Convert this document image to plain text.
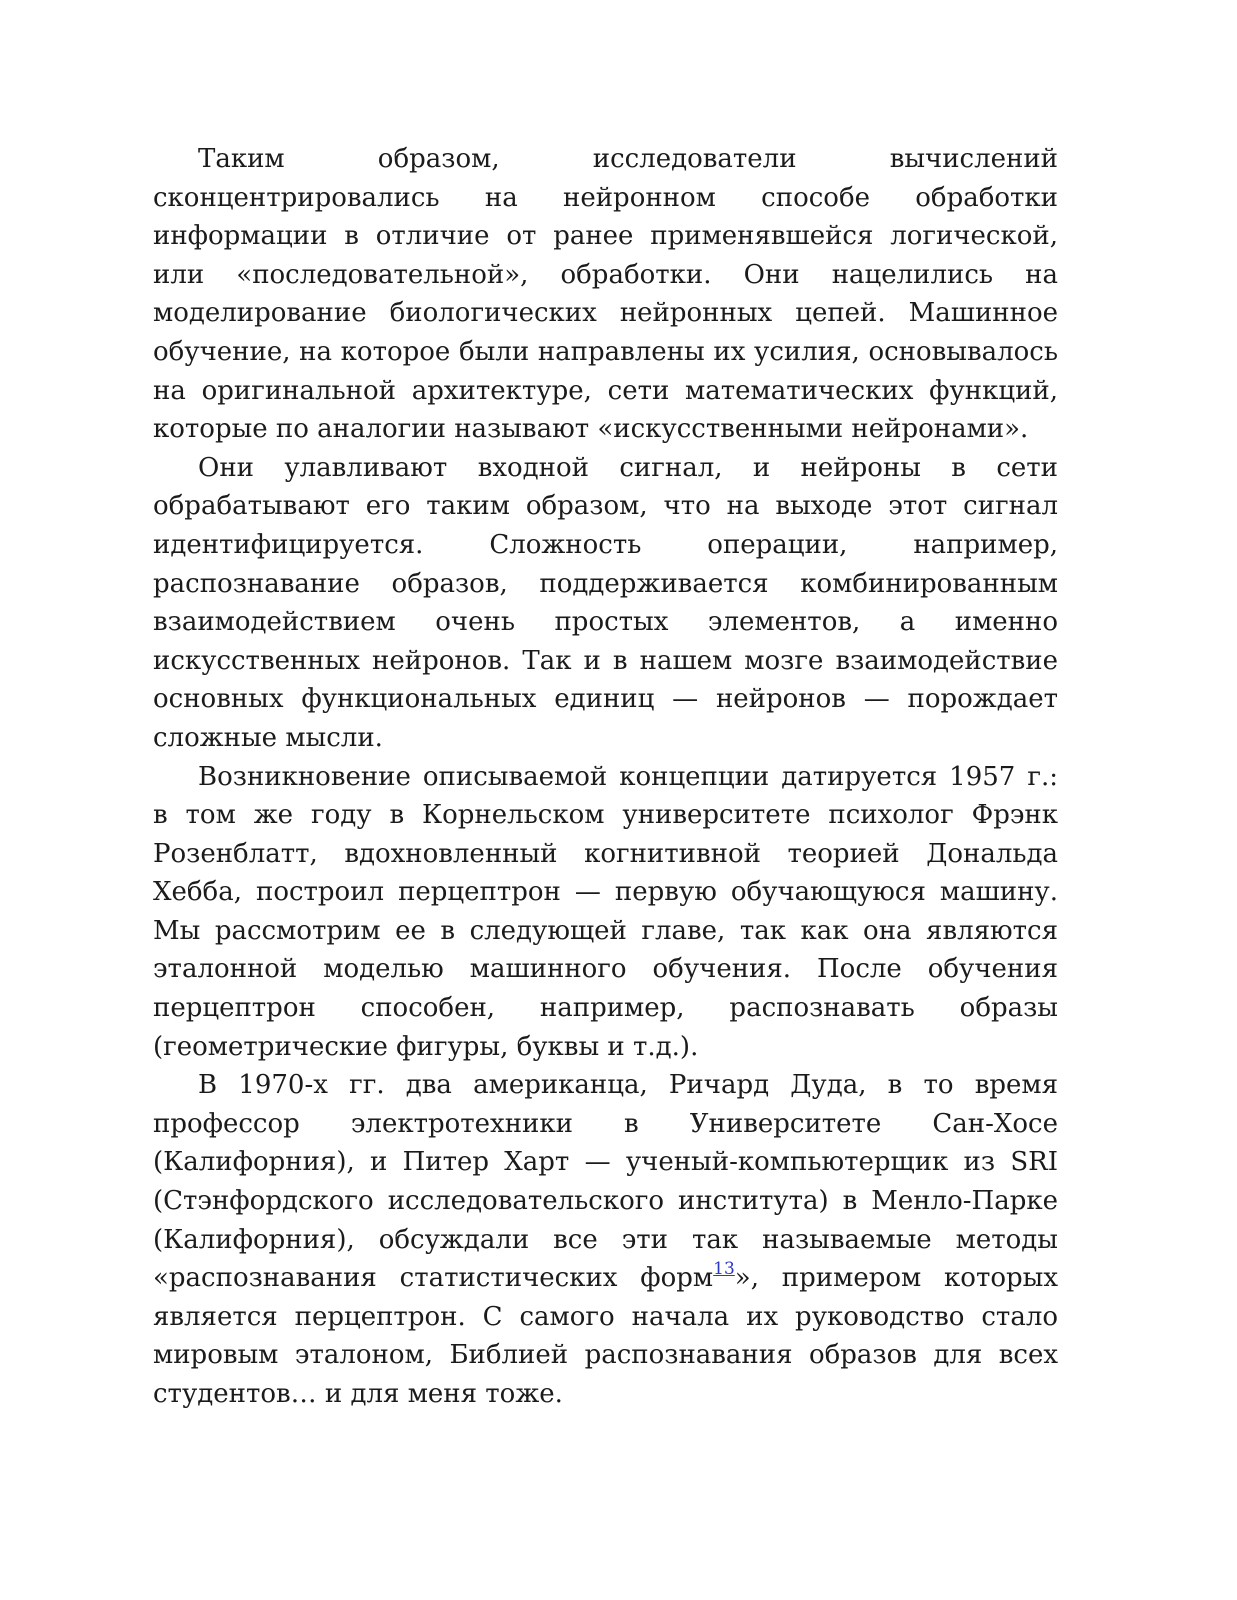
Таким образом, исследователи вычислений сконцентрировались на нейронном способе обработки информации в отличие от ранее применявшейся логической, или «последовательной», обработки. Они нацелились на моделирование биологических нейронных цепей. Машинное обучение, на которое были направлены их усилия, основывалось на оригинальной архитектуре, сети математических функций, которые по аналогии называют «искусственными нейронами».

Они улавливают входной сигнал, и нейроны в сети обрабатывают его таким образом, что на выходе этот сигнал идентифицируется. Сложность операции, например, распознавание образов, поддерживается комбинированным взаимодействием очень простых элементов, а именно искусственных нейронов. Так и в нашем мозге взаимодействие основных функциональных единиц — нейронов — порождает сложные мысли.

Возникновение описываемой концепции датируется 1957 г.: в том же году в Корнельском университете психолог Фрэнк Розенблатт, вдохновленный когнитивной теорией Дональда Хебба, построил перцептрон — первую обучающуюся машину. Мы рассмотрим ее в следующей главе, так как она являются эталонной моделью машинного обучения. После обучения перцептрон способен, например, распознавать образы (геометрические фигуры, буквы и т.д.).

В 1970-х гг. два американца, Ричард Дуда, в то время профессор электротехники в Университете Сан-Хосе (Калифорния), и Питер Харт — ученый-компьютерщик из SRI (Стэнфордского исследовательского института) в Менло-Парке (Калифорния), обсуждали все эти так называемые методы «распознавания статистических форм$^{13}$», примером которых является перцептрон. С самого начала их руководство стало мировым эталоном, Библией распознавания образов для всех студентов… и для меня тоже.
